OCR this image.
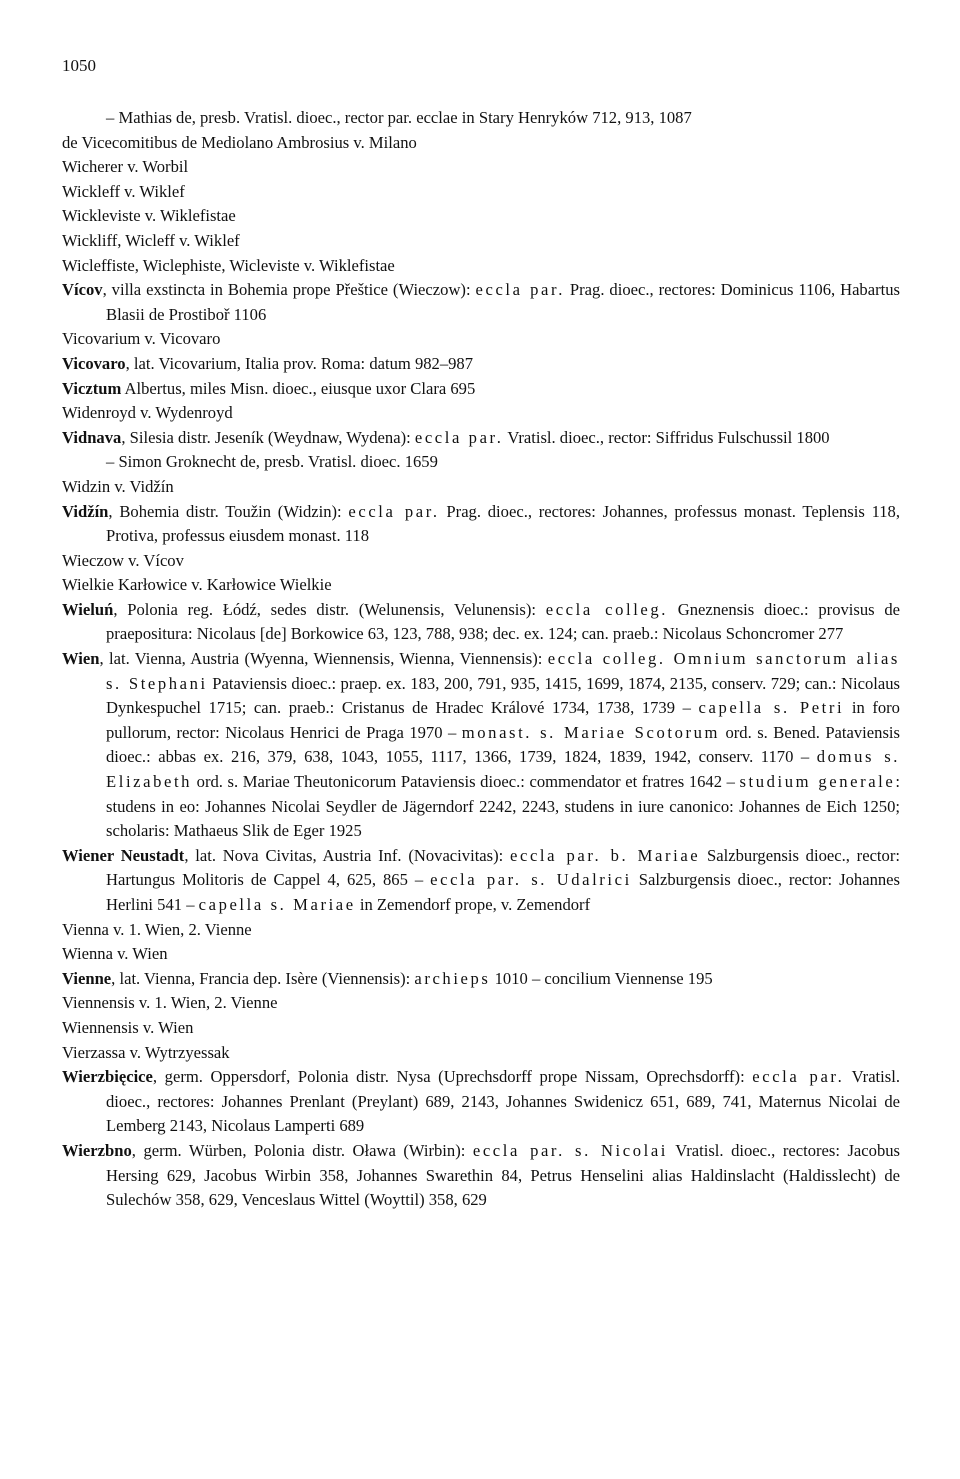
1050
– Mathias de, presb. Vratisl. dioec., rector par. ecclae in Stary Henryków 712, 913, 1087
de Vicecomitibus de Mediolano Ambrosius v. Milano
Wicherer v. Worbil
Wickleff v. Wiklef
Wickleviste v. Wiklefistae
Wickliff, Wicleff v. Wiklef
Wicleffiste, Wiclephiste, Wicleviste v. Wiklefistae
Vícov, villa exstincta in Bohemia prope Přeštice (Wieczow): eccla par. Prag. dioec., rectores: Dominicus 1106, Habartus Blasii de Prostiboř 1106
Vicovarium v. Vicovaro
Vicovaro, lat. Vicovarium, Italia prov. Roma: datum 982–987
Vicztum Albertus, miles Misn. dioec., eiusque uxor Clara 695
Widenroyd v. Wydenroyd
Vidnava, Silesia distr. Jeseník (Weydnaw, Wydena): eccla par. Vratisl. dioec., rector: Siffridus Fulschussil 1800
– Simon Groknecht de, presb. Vratisl. dioec. 1659
Widzin v. Vidžín
Vidžín, Bohemia distr. Toužin (Widzin): eccla par. Prag. dioec., rectores: Johannes, professus monast. Teplensis 118, Protiva, professus eiusdem monast. 118
Wieczow v. Vícov
Wielkie Karłowice v. Karłowice Wielkie
Wieluń, Polonia reg. Łódź, sedes distr. (Welunensis, Velunensis): eccla colleg. Gneznensis dioec.: provisus de praepositura: Nicolaus [de] Borkowice 63, 123, 788, 938; dec. ex. 124; can. praeb.: Nicolaus Schoncromer 277
Wien, lat. Vienna, Austria (Wyenna, Wiennensis, Wienna, Viennensis): eccla colleg. Omnium sanctorum alias s. Stephani Pataviensis dioec.: praep. ex. 183, 200, 791, 935, 1415, 1699, 1874, 2135, conserv. 729; can.: Nicolaus Dynkespuchel 1715; can. praeb.: Cristanus de Hradec Králové 1734, 1738, 1739 – capella s. Petri in foro pullorum, rector: Nicolaus Henrici de Praga 1970 – monast. s. Mariae Scotorum ord. s. Bened. Pataviensis dioec.: abbas ex. 216, 379, 638, 1043, 1055, 1117, 1366, 1739, 1824, 1839, 1942, conserv. 1170 – domus s. Elizabeth ord. s. Mariae Theutonicorum Pataviensis dioec.: commendator et fratres 1642 – studium generale: studens in eo: Johannes Nicolai Seydler de Jägerndorf 2242, 2243, studens in iure canonico: Johannes de Eich 1250; scholaris: Mathaeus Slik de Eger 1925
Wiener Neustadt, lat. Nova Civitas, Austria Inf. (Novacivitas): eccla par. b. Mariae Salzburgensis dioec., rector: Hartungus Molitoris de Cappel 4, 625, 865 – eccla par. s. Udalrici Salzburgensis dioec., rector: Johannes Herlini 541 – capella s. Mariae in Zemendorf prope, v. Zemendorf
Vienna v. 1. Wien, 2. Vienne
Wienna v. Wien
Vienne, lat. Vienna, Francia dep. Isère (Viennensis): archieps 1010 – concilium Viennense 195
Viennensis v. 1. Wien, 2. Vienne
Wiennensis v. Wien
Vierzassa v. Wytrzyessak
Wierzbięcice, germ. Oppersdorf, Polonia distr. Nysa (Uprechsdorff prope Nissam, Oprechsdorff): eccla par. Vratisl. dioec., rectores: Johannes Prenlant (Preylant) 689, 2143, Johannes Swidenicz 651, 689, 741, Maternus Nicolai de Lemberg 2143, Nicolaus Lamperti 689
Wierzbno, germ. Würben, Polonia distr. Oława (Wirbin): eccla par. s. Nicolai Vratisl. dioec., rectores: Jacobus Hersing 629, Jacobus Wirbin 358, Johannes Swarethin 84, Petrus Henselini alias Haldinslacht (Haldisslecht) de Sulechów 358, 629, Venceslaus Wittel (Woyttil) 358, 629
